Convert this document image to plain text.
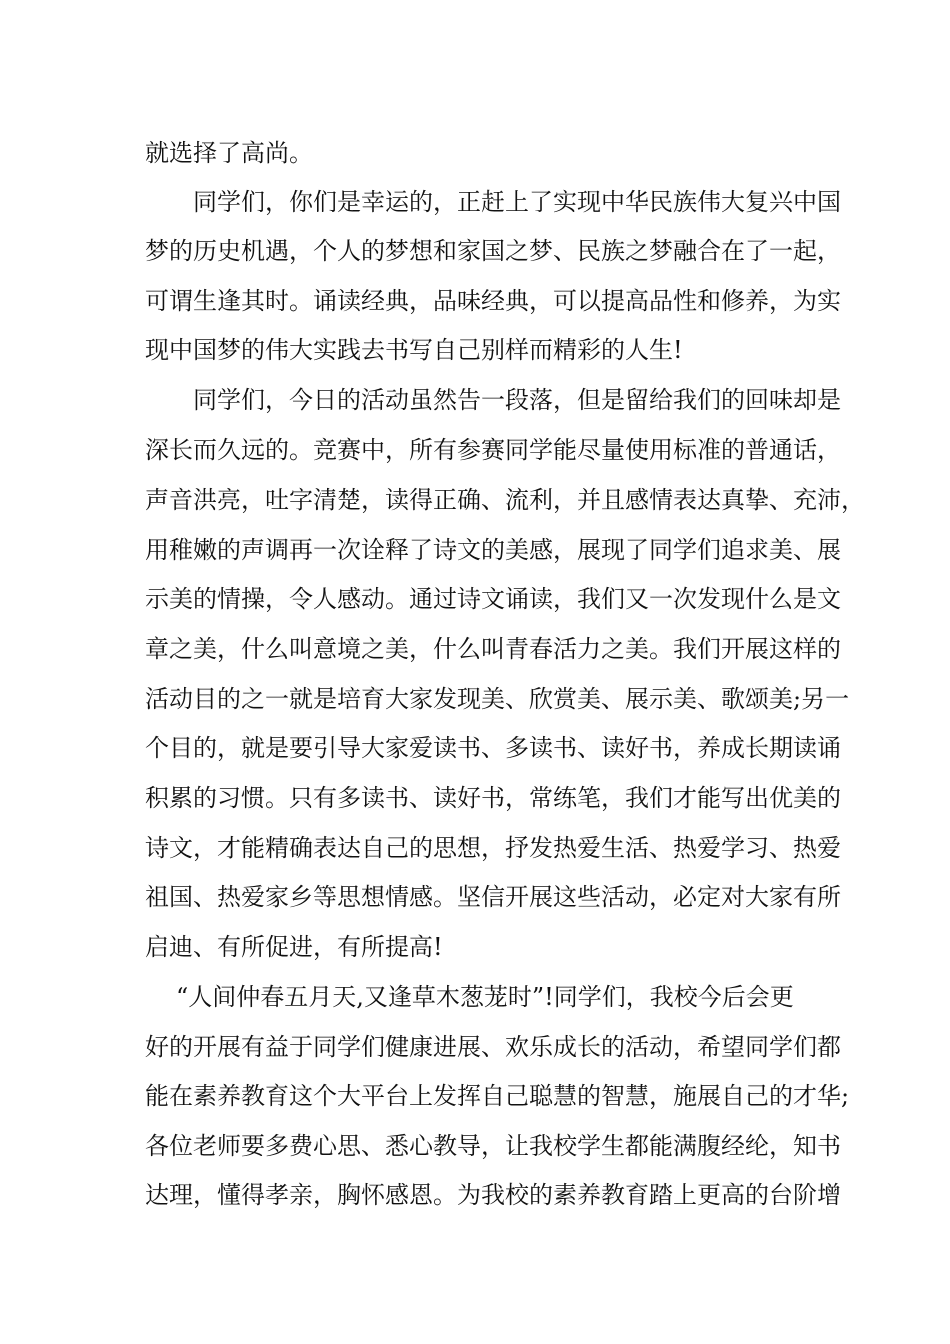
就选择了高尚。
同学们，你们是幸运的，正赶上了实现中华民族伟大复兴中国
梦的历史机遇，个人的梦想和家国之梦、民族之梦融合在了一起，
可谓生逢其时。诵读经典，品味经典，可以提高品性和修养，为实
现中国梦的伟大实践去书写自己别样而精彩的人生!
同学们，今日的活动虽然告一段落，但是留给我们的回味却是
深长而久远的。竞赛中，所有参赛同学能尽量使用标准的普通话，
声音洪亮，吐字清楚，读得正确、流利，并且感情表达真挚、充沛，
用稚嫩的声调再一次诠释了诗文的美感，展现了同学们追求美、展
示美的情操，令人感动。通过诗文诵读，我们又一次发现什么是文
章之美，什么叫意境之美，什么叫青春活力之美。我们开展这样的
活动目的之一就是培育大家发现美、欣赏美、展示美、歌颂美;另一
个目的，就是要引导大家爱读书、多读书、读好书，养成长期读诵
积累的习惯。只有多读书、读好书，常练笔，我们才能写出优美的
诗文，才能精确表达自己的思想，抒发热爱生活、热爱学习、热爱
祖国、热爱家乡等思想情感。坚信开展这些活动，必定对大家有所
启迪、有所促进，有所提高!
“人间仲春五月天,又逢草木葱茏时”!同学们，我校今后会更
好的开展有益于同学们健康进展、欢乐成长的活动，希望同学们都
能在素养教育这个大平台上发挥自己聪慧的智慧，施展自己的才华;
各位老师要多费心思、悉心教导，让我校学生都能满腹经纶，知书
达理，懂得孝亲，胸怀感恩。为我校的素养教育踏上更高的台阶增
